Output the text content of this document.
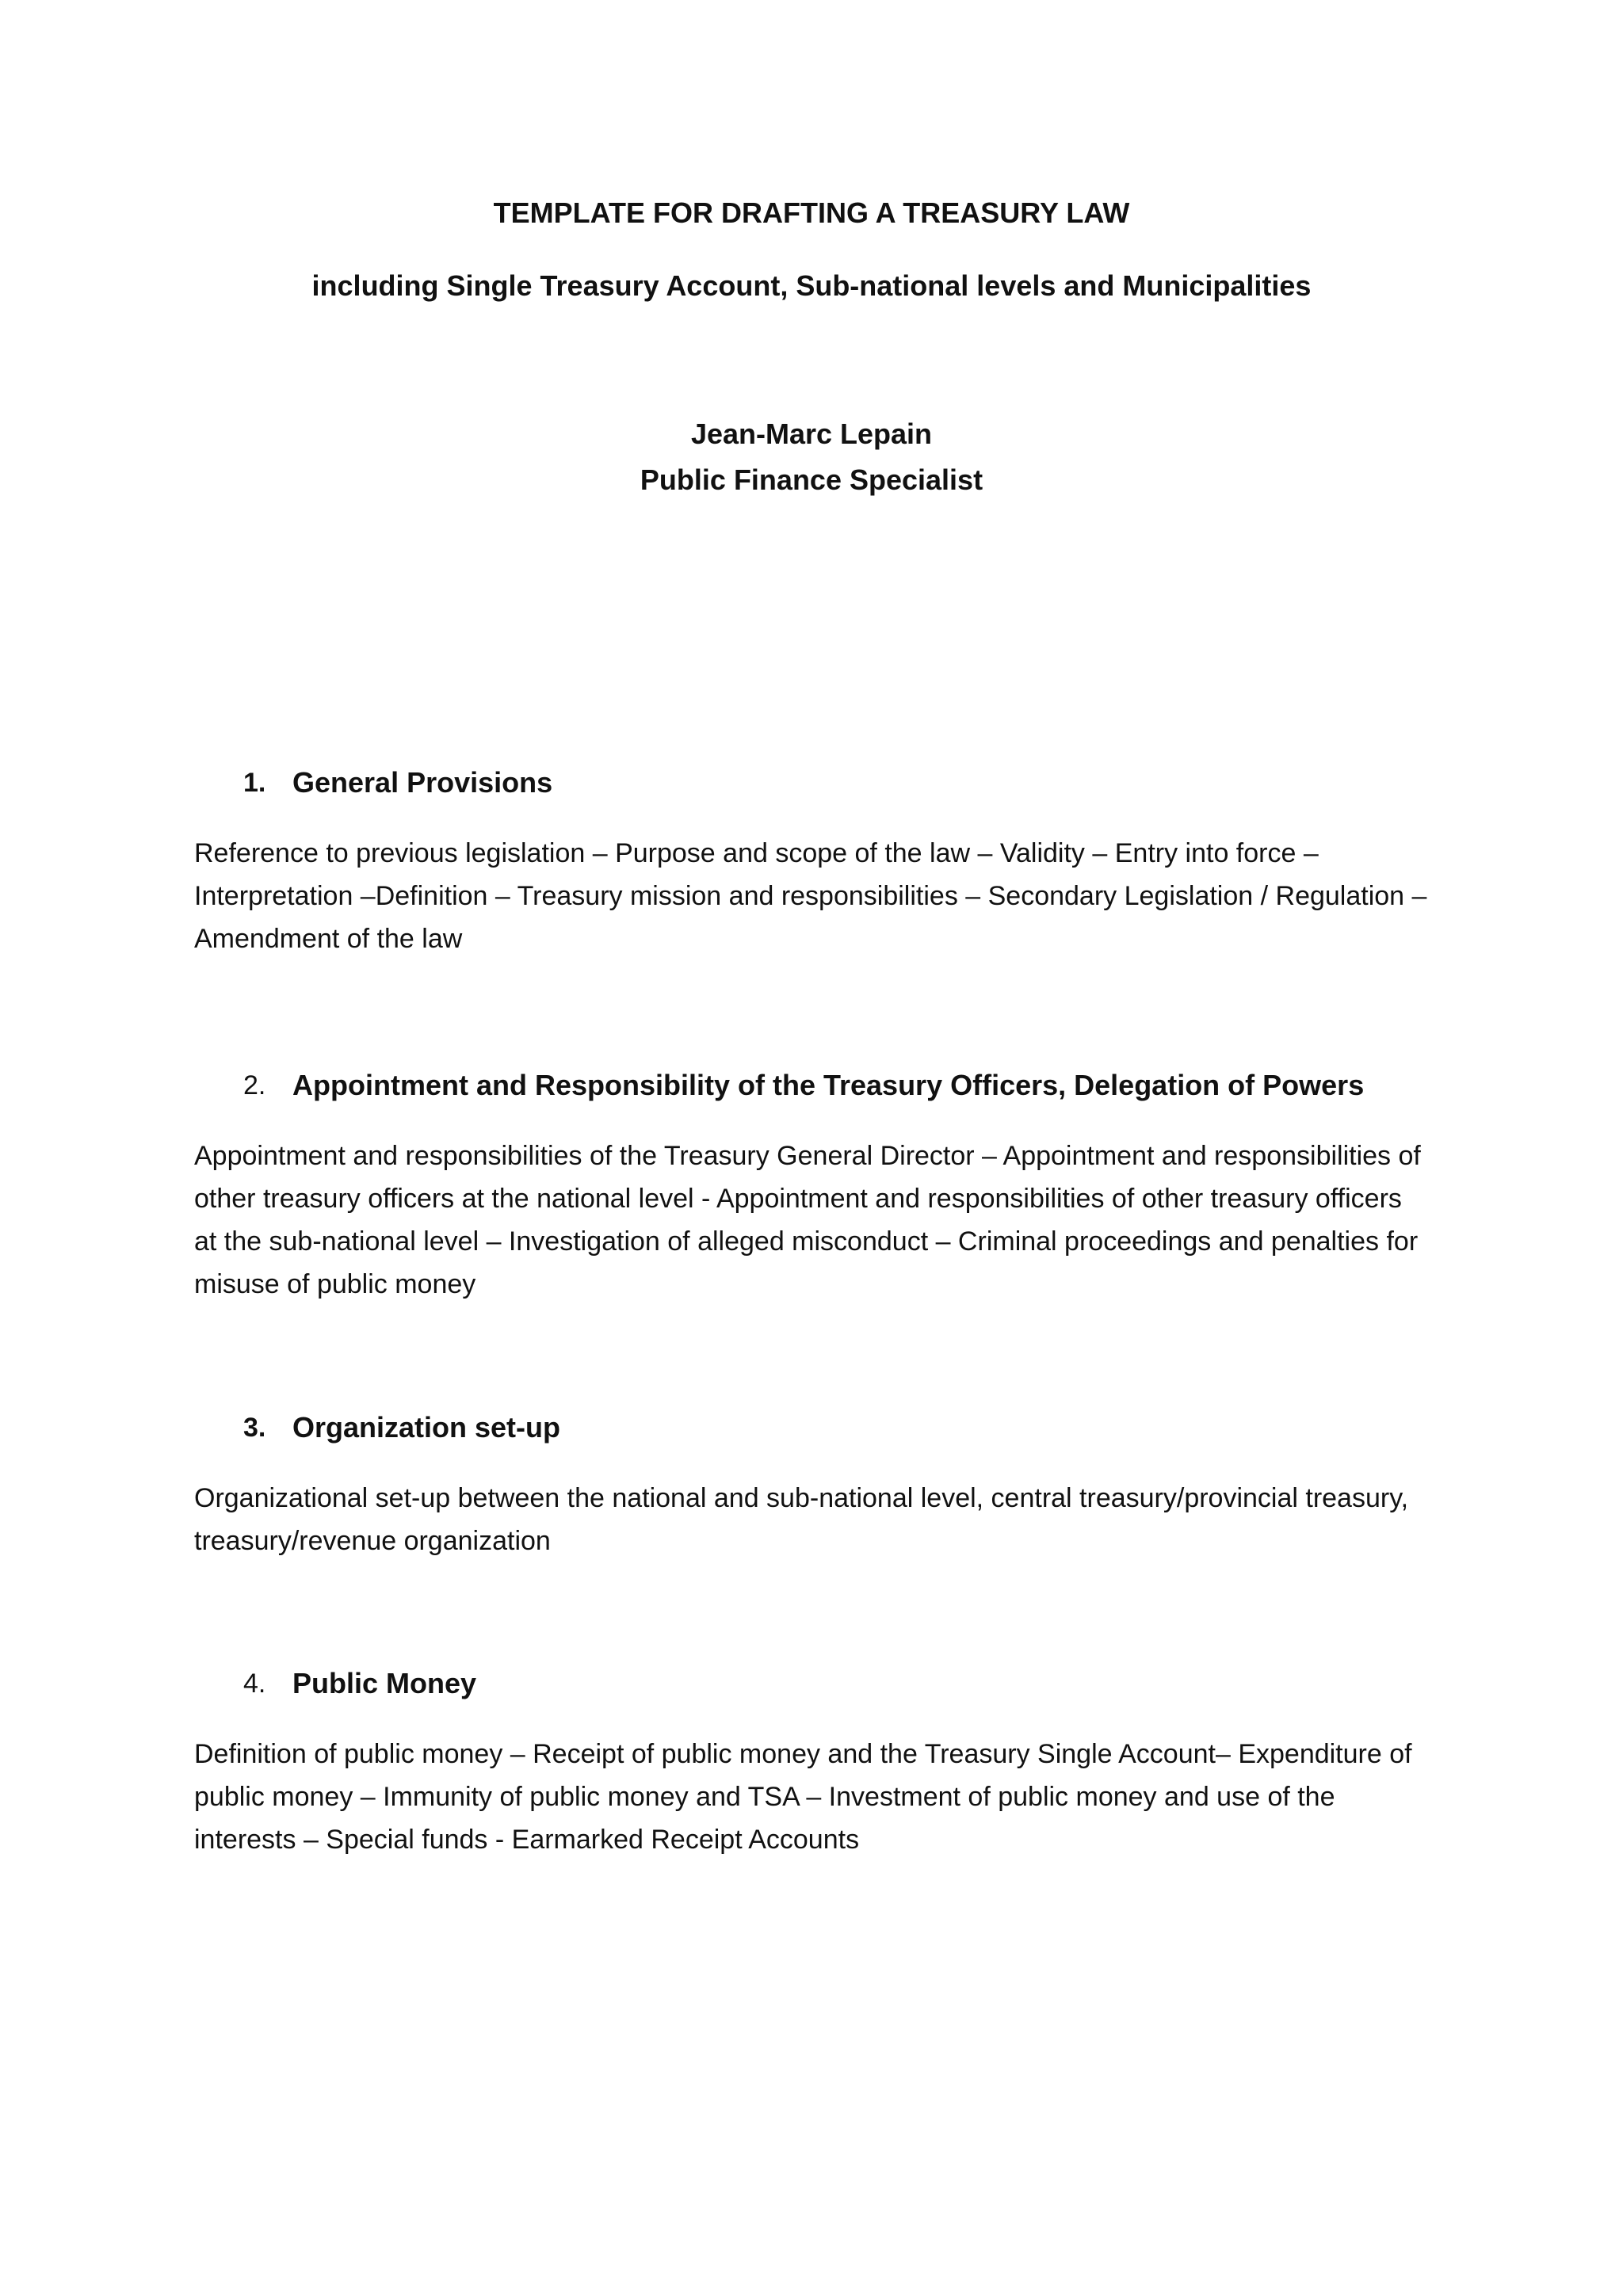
TEMPLATE FOR DRAFTING A TREASURY LAW
including Single Treasury Account, Sub-national levels and Municipalities

Jean-Marc Lepain

Public Finance Specialist

1. General Provisions

Reference to previous legislation – Purpose and scope of the law – Validity – Entry into force – Interpretation –Definition – Treasury mission and responsibilities – Secondary Legislation / Regulation – Amendment of the law

2. Appointment and Responsibility of the Treasury Officers, Delegation of Powers

Appointment and responsibilities of the Treasury General Director – Appointment and responsibilities of other treasury officers at the national level - Appointment and responsibilities of other treasury officers at the sub-national level – Investigation of alleged misconduct – Criminal proceedings and penalties for misuse of public money

3. Organization set-up

Organizational set-up between the national and sub-national level, central treasury/provincial treasury, treasury/revenue organization

4. Public Money

Definition of public money – Receipt of public money and the Treasury Single Account– Expenditure of public money – Immunity of public money and TSA – Investment of public money and use of the interests – Special funds - Earmarked Receipt Accounts
